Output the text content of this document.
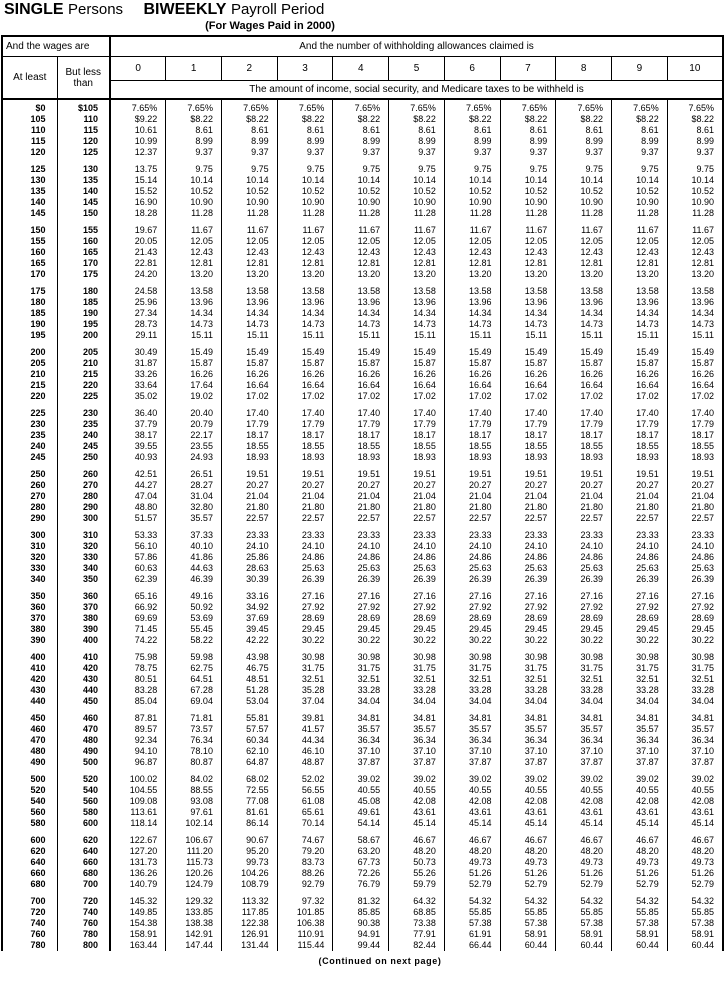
SINGLE Persons BIWEEKLY Payroll Period
(For Wages Paid in 2000)
And the wages are		And the number of withholding allowances claimed is										
At least	But less than	0	1	2	3	4	5	6	7	8	9	10
		The amount of income, social security, and Medicare taxes to be withheld is										

$0	$105	7.65%	7.65%	7.65%	7.65%	7.65%	7.65%	7.65%	7.65%	7.65%	7.65%	7.65%
105	110	$9.22	$8.22	$8.22	$8.22	$8.22	$8.22	$8.22	$8.22	$8.22	$8.22	$8.22
110	115	10.61	8.61	8.61	8.61	8.61	8.61	8.61	8.61	8.61	8.61	8.61
115	120	10.99	8.99	8.99	8.99	8.99	8.99	8.99	8.99	8.99	8.99	8.99
120	125	12.37	9.37	9.37	9.37	9.37	9.37	9.37	9.37	9.37	9.37	9.37

125	130	13.75	9.75	9.75	9.75	9.75	9.75	9.75	9.75	9.75	9.75	9.75
130	135	15.14	10.14	10.14	10.14	10.14	10.14	10.14	10.14	10.14	10.14	10.14
135	140	15.52	10.52	10.52	10.52	10.52	10.52	10.52	10.52	10.52	10.52	10.52
140	145	16.90	10.90	10.90	10.90	10.90	10.90	10.90	10.90	10.90	10.90	10.90
145	150	18.28	11.28	11.28	11.28	11.28	11.28	11.28	11.28	11.28	11.28	11.28

150	155	19.67	11.67	11.67	11.67	11.67	11.67	11.67	11.67	11.67	11.67	11.67
155	160	20.05	12.05	12.05	12.05	12.05	12.05	12.05	12.05	12.05	12.05	12.05
160	165	21.43	12.43	12.43	12.43	12.43	12.43	12.43	12.43	12.43	12.43	12.43
165	170	22.81	12.81	12.81	12.81	12.81	12.81	12.81	12.81	12.81	12.81	12.81
170	175	24.20	13.20	13.20	13.20	13.20	13.20	13.20	13.20	13.20	13.20	13.20

175	180	24.58	13.58	13.58	13.58	13.58	13.58	13.58	13.58	13.58	13.58	13.58
180	185	25.96	13.96	13.96	13.96	13.96	13.96	13.96	13.96	13.96	13.96	13.96
185	190	27.34	14.34	14.34	14.34	14.34	14.34	14.34	14.34	14.34	14.34	14.34
190	195	28.73	14.73	14.73	14.73	14.73	14.73	14.73	14.73	14.73	14.73	14.73
195	200	29.11	15.11	15.11	15.11	15.11	15.11	15.11	15.11	15.11	15.11	15.11

200	205	30.49	15.49	15.49	15.49	15.49	15.49	15.49	15.49	15.49	15.49	15.49
205	210	31.87	15.87	15.87	15.87	15.87	15.87	15.87	15.87	15.87	15.87	15.87
210	215	33.26	16.26	16.26	16.26	16.26	16.26	16.26	16.26	16.26	16.26	16.26
215	220	33.64	17.64	16.64	16.64	16.64	16.64	16.64	16.64	16.64	16.64	16.64
220	225	35.02	19.02	17.02	17.02	17.02	17.02	17.02	17.02	17.02	17.02	17.02

225	230	36.40	20.40	17.40	17.40	17.40	17.40	17.40	17.40	17.40	17.40	17.40
230	235	37.79	20.79	17.79	17.79	17.79	17.79	17.79	17.79	17.79	17.79	17.79
235	240	38.17	22.17	18.17	18.17	18.17	18.17	18.17	18.17	18.17	18.17	18.17
240	245	39.55	23.55	18.55	18.55	18.55	18.55	18.55	18.55	18.55	18.55	18.55
245	250	40.93	24.93	18.93	18.93	18.93	18.93	18.93	18.93	18.93	18.93	18.93

250	260	42.51	26.51	19.51	19.51	19.51	19.51	19.51	19.51	19.51	19.51	19.51
260	270	44.27	28.27	20.27	20.27	20.27	20.27	20.27	20.27	20.27	20.27	20.27
270	280	47.04	31.04	21.04	21.04	21.04	21.04	21.04	21.04	21.04	21.04	21.04
280	290	48.80	32.80	21.80	21.80	21.80	21.80	21.80	21.80	21.80	21.80	21.80
290	300	51.57	35.57	22.57	22.57	22.57	22.57	22.57	22.57	22.57	22.57	22.57

300	310	53.33	37.33	23.33	23.33	23.33	23.33	23.33	23.33	23.33	23.33	23.33
310	320	56.10	40.10	24.10	24.10	24.10	24.10	24.10	24.10	24.10	24.10	24.10
320	330	57.86	41.86	25.86	24.86	24.86	24.86	24.86	24.86	24.86	24.86	24.86
330	340	60.63	44.63	28.63	25.63	25.63	25.63	25.63	25.63	25.63	25.63	25.63
340	350	62.39	46.39	30.39	26.39	26.39	26.39	26.39	26.39	26.39	26.39	26.39

350	360	65.16	49.16	33.16	27.16	27.16	27.16	27.16	27.16	27.16	27.16	27.16
360	370	66.92	50.92	34.92	27.92	27.92	27.92	27.92	27.92	27.92	27.92	27.92
370	380	69.69	53.69	37.69	28.69	28.69	28.69	28.69	28.69	28.69	28.69	28.69
380	390	71.45	55.45	39.45	29.45	29.45	29.45	29.45	29.45	29.45	29.45	29.45
390	400	74.22	58.22	42.22	30.22	30.22	30.22	30.22	30.22	30.22	30.22	30.22

400	410	75.98	59.98	43.98	30.98	30.98	30.98	30.98	30.98	30.98	30.98	30.98
410	420	78.75	62.75	46.75	31.75	31.75	31.75	31.75	31.75	31.75	31.75	31.75
420	430	80.51	64.51	48.51	32.51	32.51	32.51	32.51	32.51	32.51	32.51	32.51
430	440	83.28	67.28	51.28	35.28	33.28	33.28	33.28	33.28	33.28	33.28	33.28
440	450	85.04	69.04	53.04	37.04	34.04	34.04	34.04	34.04	34.04	34.04	34.04

450	460	87.81	71.81	55.81	39.81	34.81	34.81	34.81	34.81	34.81	34.81	34.81
460	470	89.57	73.57	57.57	41.57	35.57	35.57	35.57	35.57	35.57	35.57	35.57
470	480	92.34	76.34	60.34	44.34	36.34	36.34	36.34	36.34	36.34	36.34	36.34
480	490	94.10	78.10	62.10	46.10	37.10	37.10	37.10	37.10	37.10	37.10	37.10
490	500	96.87	80.87	64.87	48.87	37.87	37.87	37.87	37.87	37.87	37.87	37.87

500	520	100.02	84.02	68.02	52.02	39.02	39.02	39.02	39.02	39.02	39.02	39.02
520	540	104.55	88.55	72.55	56.55	40.55	40.55	40.55	40.55	40.55	40.55	40.55
540	560	109.08	93.08	77.08	61.08	45.08	42.08	42.08	42.08	42.08	42.08	42.08
560	580	113.61	97.61	81.61	65.61	49.61	43.61	43.61	43.61	43.61	43.61	43.61
580	600	118.14	102.14	86.14	70.14	54.14	45.14	45.14	45.14	45.14	45.14	45.14

600	620	122.67	106.67	90.67	74.67	58.67	46.67	46.67	46.67	46.67	46.67	46.67
620	640	127.20	111.20	95.20	79.20	63.20	48.20	48.20	48.20	48.20	48.20	48.20
640	660	131.73	115.73	99.73	83.73	67.73	50.73	49.73	49.73	49.73	49.73	49.73
660	680	136.26	120.26	104.26	88.26	72.26	55.26	51.26	51.26	51.26	51.26	51.26
680	700	140.79	124.79	108.79	92.79	76.79	59.79	52.79	52.79	52.79	52.79	52.79

700	720	145.32	129.32	113.32	97.32	81.32	64.32	54.32	54.32	54.32	54.32	54.32
720	740	149.85	133.85	117.85	101.85	85.85	68.85	55.85	55.85	55.85	55.85	55.85
740	760	154.38	138.38	122.38	106.38	90.38	73.38	57.38	57.38	57.38	57.38	57.38
760	780	158.91	142.91	126.91	110.91	94.91	77.91	61.91	58.91	58.91	58.91	58.91
780	800	163.44	147.44	131.44	115.44	99.44	82.44	66.44	60.44	60.44	60.44	60.44
(Continued on next page)
